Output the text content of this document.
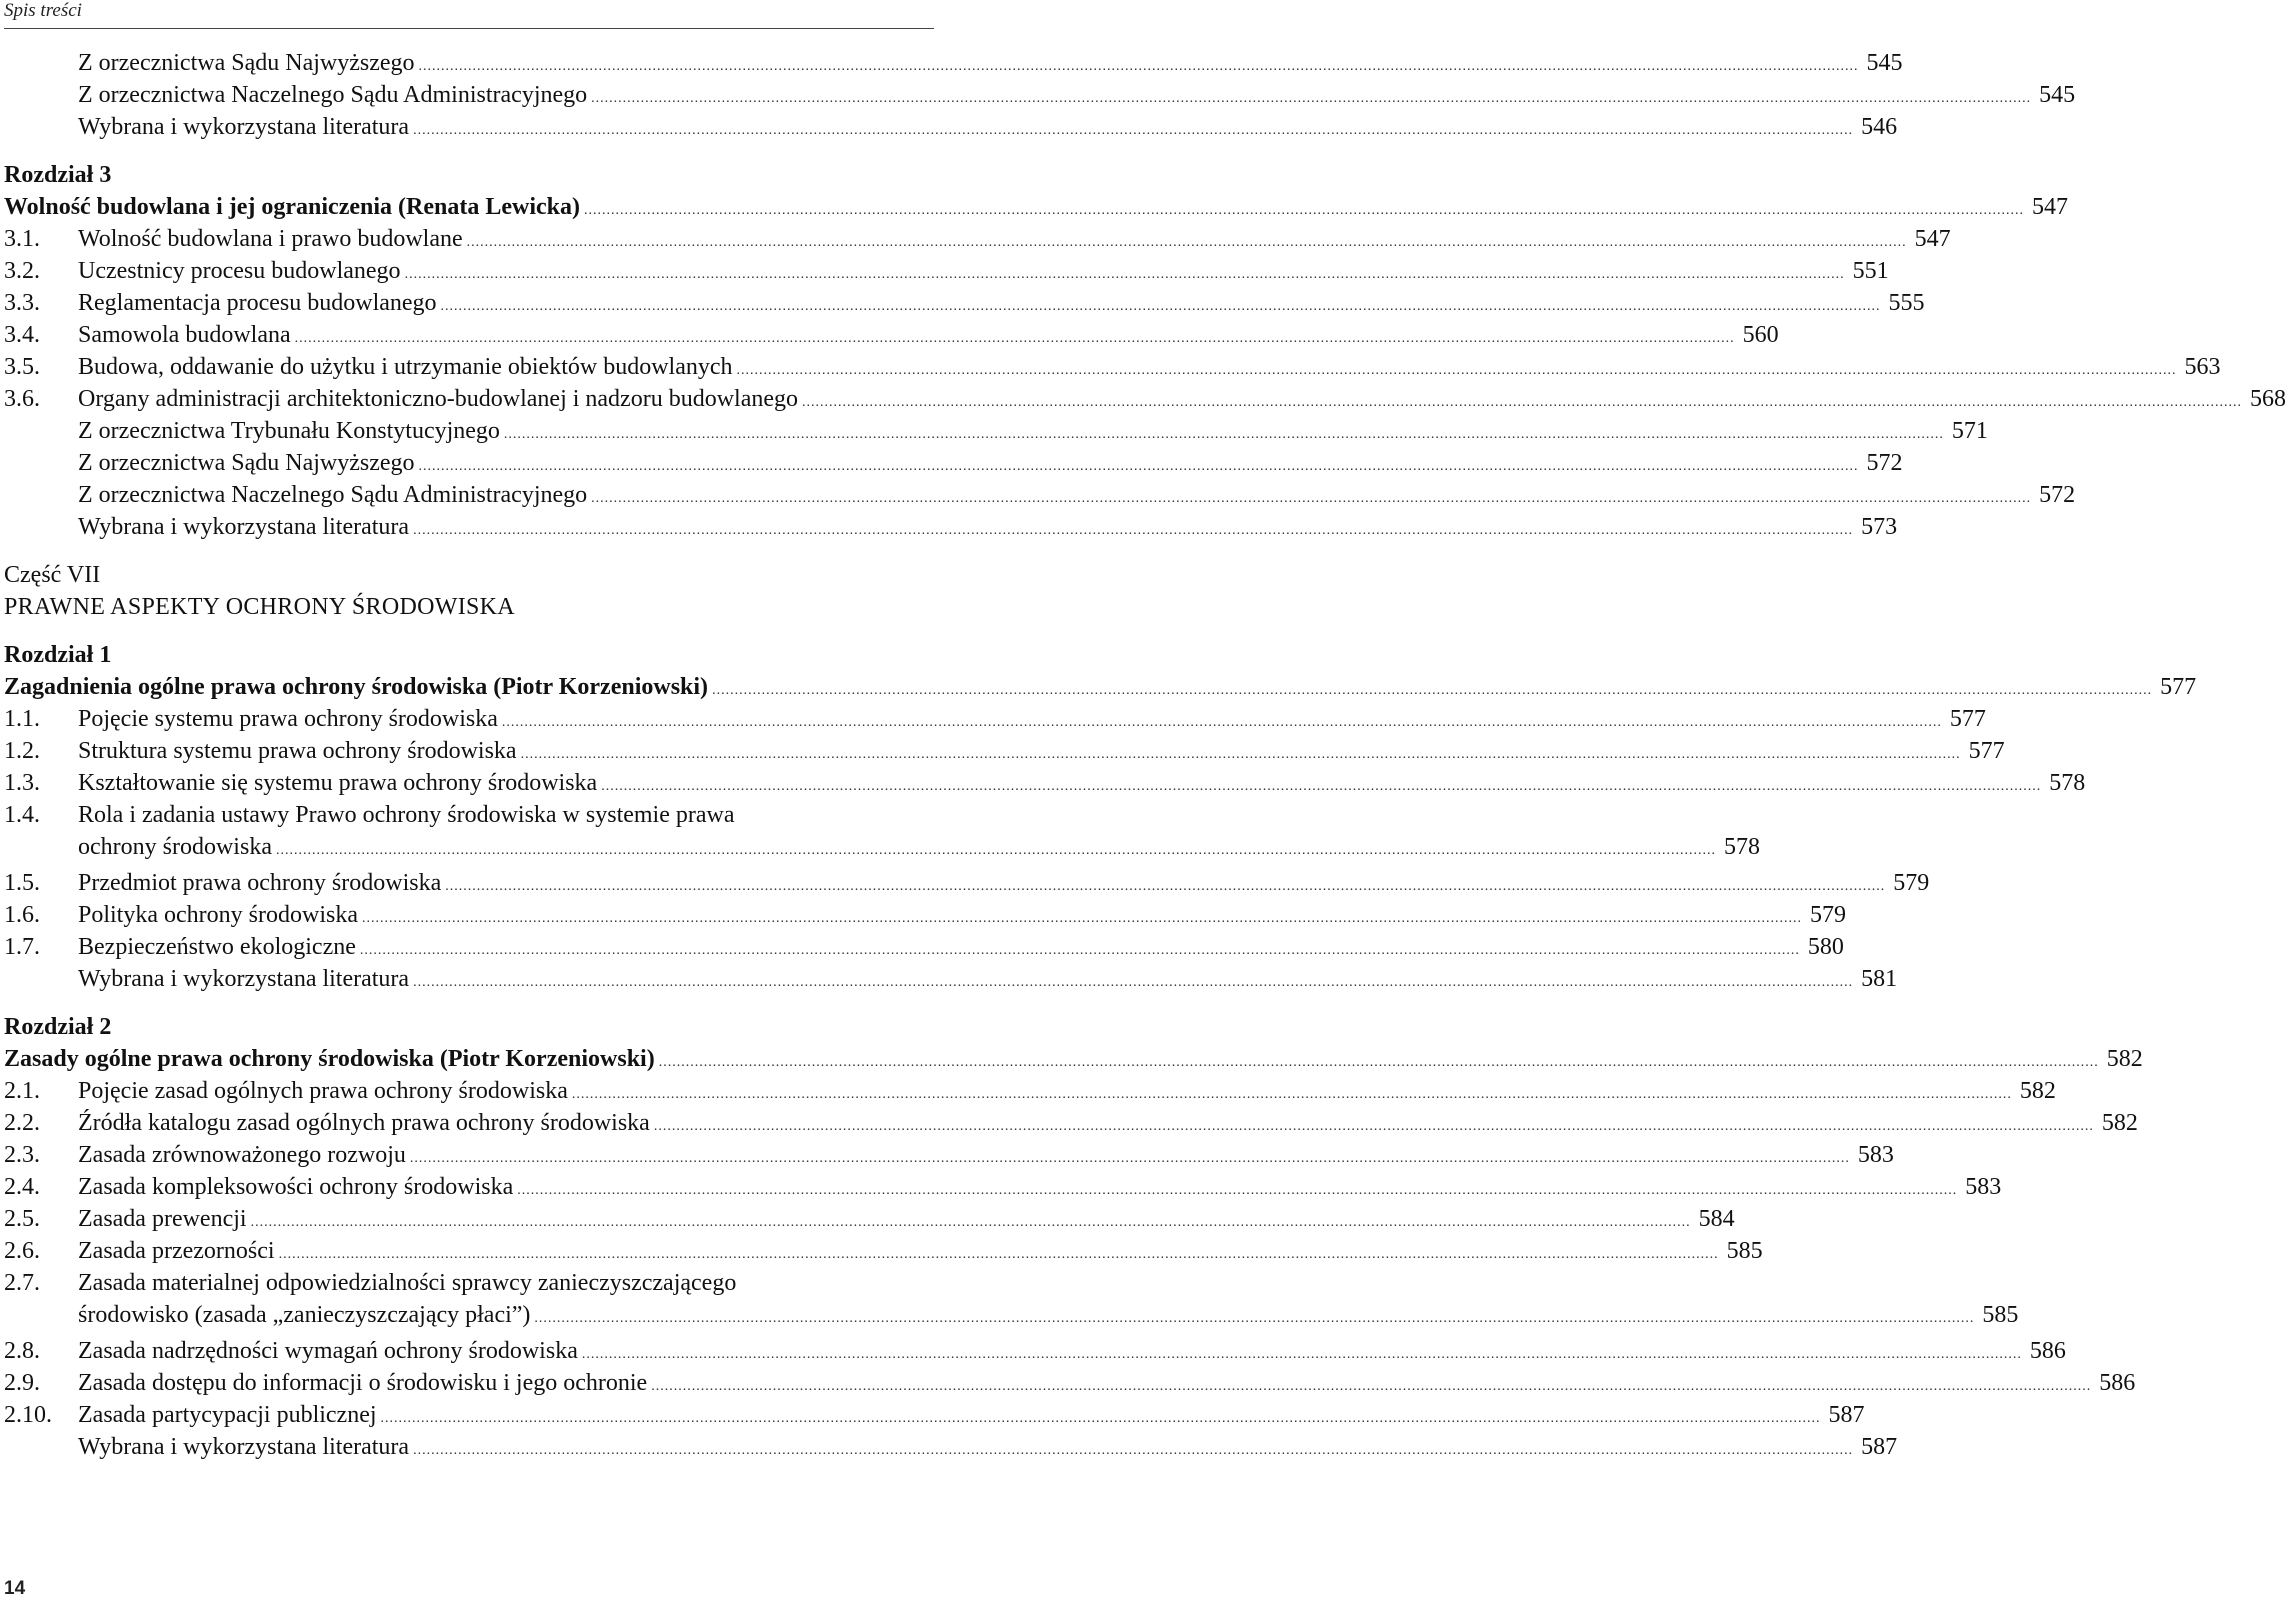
Spis treści
Z orzecznictwa Sądu Najwyższego .....	545
Z orzecznictwa Naczelnego Sądu Administracyjnego .....	545
Wybrana i wykorzystana literatura .....	546
Rozdział 3
Wolność budowlana i jej ograniczenia (Renata Lewicka) .....	547
3.1.	Wolność budowlana i prawo budowlane .....	547
3.2.	Uczestnicy procesu budowlanego .....	551
3.3.	Reglamentacja procesu budowlanego .....	555
3.4.	Samowola budowlana .....	560
3.5.	Budowa, oddawanie do użytku i utrzymanie obiektów budowlanych .....	563
3.6.	Organy administracji architektoniczno-budowlanej i nadzoru budowlanego .....	568
Z orzecznictwa Trybunału Konstytucyjnego .....	571
Z orzecznictwa Sądu Najwyższego .....	572
Z orzecznictwa Naczelnego Sądu Administracyjnego .....	572
Wybrana i wykorzystana literatura .....	573
Część VII
PRAWNE ASPEKTY OCHRONY ŚRODOWISKA
Rozdział 1
Zagadnienia ogólne prawa ochrony środowiska (Piotr Korzeniowski) .....	577
1.1.	Pojęcie systemu prawa ochrony środowiska .....	577
1.2.	Struktura systemu prawa ochrony środowiska .....	577
1.3.	Kształtowanie się systemu prawa ochrony środowiska .....	578
1.4.	Rola i zadania ustawy Prawo ochrony środowiska w systemie prawa
ochrony środowiska .....	578
1.5.	Przedmiot prawa ochrony środowiska .....	579
1.6.	Polityka ochrony środowiska .....	579
1.7.	Bezpieczeństwo ekologiczne .....	580
Wybrana i wykorzystana literatura .....	581
Rozdział 2
Zasady ogólne prawa ochrony środowiska (Piotr Korzeniowski) .....	582
2.1.	Pojęcie zasad ogólnych prawa ochrony środowiska .....	582
2.2.	Źródła katalogu zasad ogólnych prawa ochrony środowiska .....	582
2.3.	Zasada zrównoważonego rozwoju .....	583
2.4.	Zasada kompleksowości ochrony środowiska .....	583
2.5.	Zasada prewencji .....	584
2.6.	Zasada przezorności .....	585
2.7.	Zasada materialnej odpowiedzialności sprawcy zanieczyszczającego
środowisko (zasada „zanieczyszczający płaci”) .....	585
2.8.	Zasada nadrzędności wymagań ochrony środowiska .....	586
2.9.	Zasada dostępu do informacji o środowisku i jego ochronie .....	586
2.10.	Zasada partycypacji publicznej .....	587
Wybrana i wykorzystana literatura .....	587
14
